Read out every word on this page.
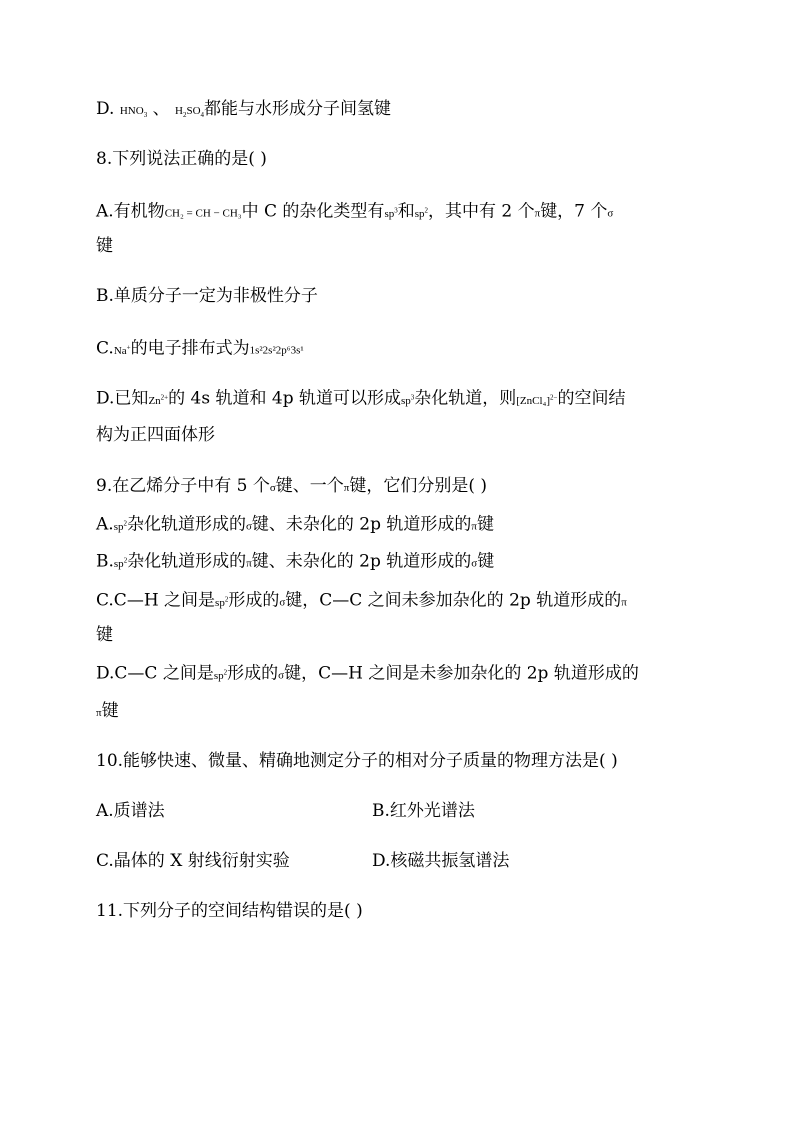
D. $HNO_3$ 、 $H_2SO_4$都能与水形成分子间氢键
8.下列说法正确的是( )
A.有机物CH₂ = CH − CH₃中 C 的杂化类型有$sp^3$和$sp^2$，其中有 2 个π键，7 个σ
键
B.单质分子一定为非极性分子
C.Na+的电子排布式为1s²2s²2p⁶3s¹
D.已知$Zn^{2+}$的 4s 轨道和 4p 轨道可以形成$sp^3$杂化轨道，则[ZnCl₄]$^{2-}$的空间结
构为正四面体形
9.在乙烯分子中有 5 个σ键、一个π键，它们分别是( )
$A.sp^2$杂化轨道形成的σ键、未杂化的 2p 轨道形成的π键
$B.sp^2$杂化轨道形成的π键、未杂化的 2p 轨道形成的σ键
C.C—H 之间是$sp^2$形成的σ键，C—C 之间未参加杂化的 2p 轨道形成的π
键
D.C—C 之间是$sp^2$形成的σ键，C—H 之间是未参加杂化的 2p 轨道形成的
π键
10.能够快速、微量、精确地测定分子的相对分子质量的物理方法是( )
A.质谱法	B.红外光谱法
C.晶体的 X 射线衍射实验	D.核磁共振氢谱法
11.下列分子的空间结构错误的是( )
